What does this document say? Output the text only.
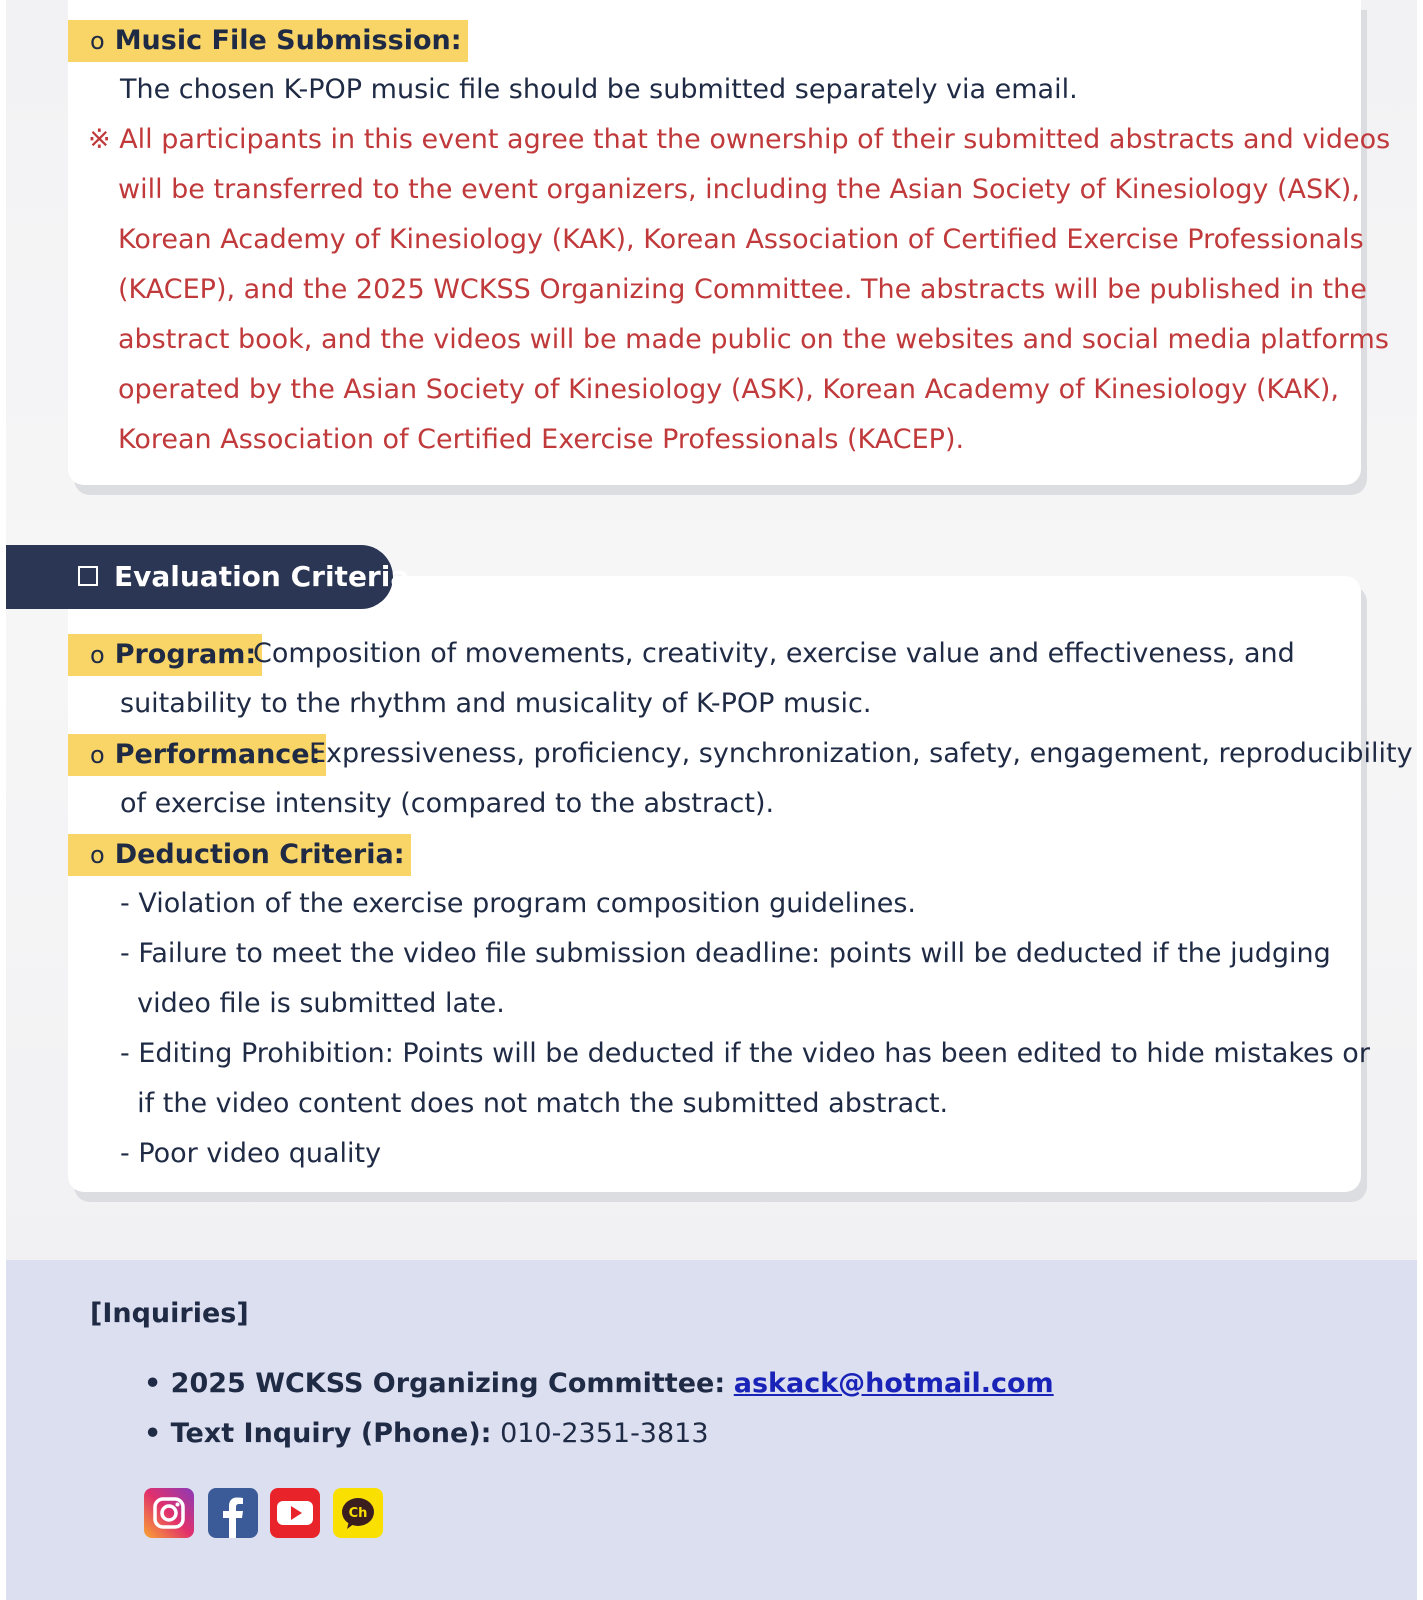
o Music File Submission:
The chosen K-POP music file should be submitted separately via email.
※ All participants in this event agree that the ownership of their submitted abstracts and videos
will be transferred to the event organizers, including the Asian Society of Kinesiology (ASK),
Korean Academy of Kinesiology (KAK), Korean Association of Certified Exercise Professionals
(KACEP), and the 2025 WCKSS Organizing Committee. The abstracts will be published in the
abstract book, and the videos will be made public on the websites and social media platforms
operated by the Asian Society of Kinesiology (ASK), Korean Academy of Kinesiology (KAK),
Korean Association of Certified Exercise Professionals (KACEP).
Evaluation Criteria
o Program:
Composition of movements, creativity, exercise value and effectiveness, and
suitability to the rhythm and musicality of K-POP music.
o Performance:
Expressiveness, proficiency, synchronization, safety, engagement, reproducibility
of exercise intensity (compared to the abstract).
o Deduction Criteria:
- Violation of the exercise program composition guidelines.
- Failure to meet the video file submission deadline: points will be deducted if the judging
video file is submitted late.
- Editing Prohibition: Points will be deducted if the video has been edited to hide mistakes or
if the video content does not match the submitted abstract.
- Poor video quality
[Inquiries]
• 2025 WCKSS Organizing Committee: askack@hotmail.com
• Text Inquiry (Phone): 010-2351-3813
Ch
